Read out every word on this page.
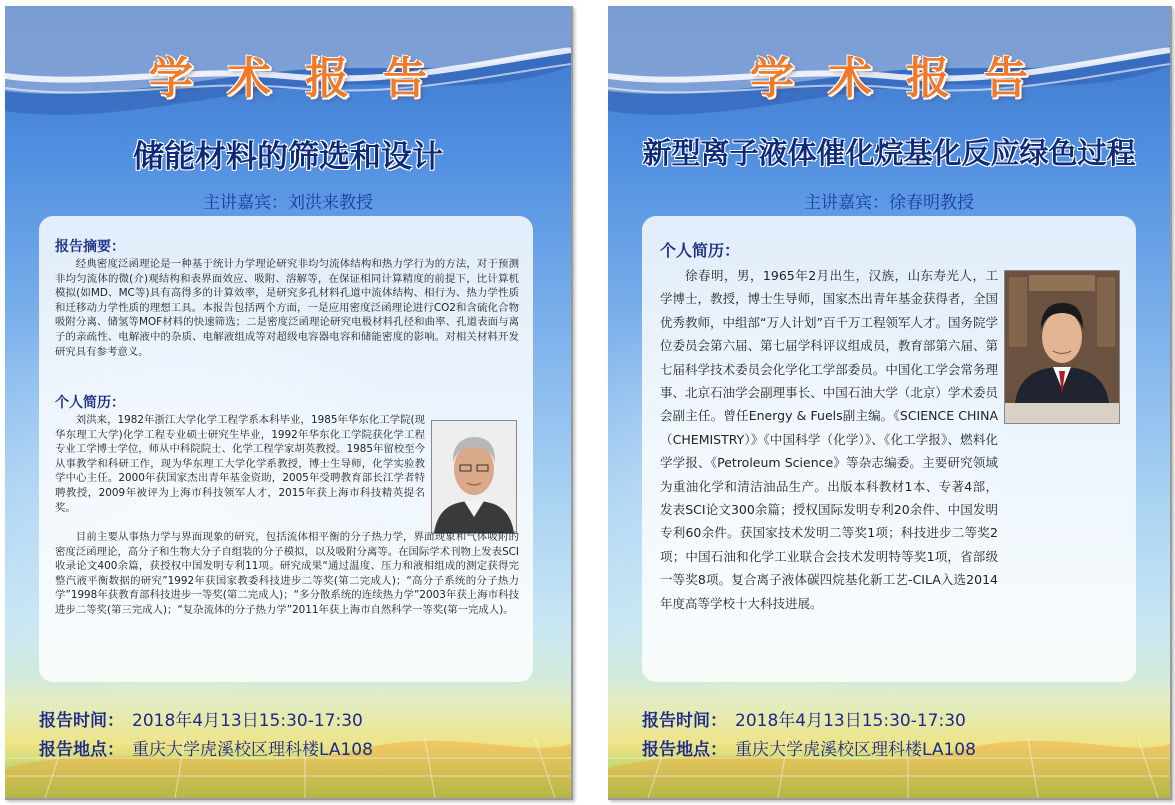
学术报告
储能材料的筛选和设计
主讲嘉宾：刘洪来教授
报告摘要：
经典密度泛函理论是一种基于统计力学理论研究非均匀流体结构和热力学行为的方法，对于预测非均匀流体的微(介)观结构和表界面效应、吸附、溶解等，在保证相同计算精度的前提下，比计算机模拟(如MD、MC等)具有高得多的计算效率，是研究多孔材料孔道中流体结构、相行为、热力学性质和迁移动力学性质的理想工具。本报告包括两个方面，一是应用密度泛函理论进行CO2和含硫化合物吸附分离、储氢等MOF材料的快速筛选；二是密度泛函理论研究电极材料孔径和曲率、孔道表面与离子的亲疏性、电解液中的杂质、电解液组成等对超级电容器电容和储能密度的影响。对相关材料开发研究具有参考意义。
个人简历：
刘洪来，1982年浙江大学化学工程学系本科毕业，1985年华东化工学院(现华东理工大学)化学工程专业硕士研究生毕业，1992年华东化工学院获化学工程专业工学博士学位，师从中科院院士、化学工程学家胡英教授。1985年留校至今从事教学和科研工作，现为华东理工大学化学系教授，博士生导师，化学实验教学中心主任。2000年获国家杰出青年基金资助，2005年受聘教育部长江学者特聘教授，2009年被评为上海市科技领军人才，2015年获上海市科技精英提名奖。
目前主要从事热力学与界面现象的研究，包括流体相平衡的分子热力学，界面现象和气体吸附的密度泛函理论，高分子和生物大分子自组装的分子模拟，以及吸附分离等。在国际学术刊物上发表SCI收录论文400余篇，获授权中国发明专利11项。研究成果“通过温度、压力和液相组成的测定获得完整汽液平衡数据的研究”1992年获国家教委科技进步二等奖(第二完成人)；“高分子系统的分子热力学”1998年获教育部科技进步一等奖(第二完成人)；“多分散系统的连续热力学”2003年获上海市科技进步二等奖(第三完成人)；“复杂流体的分子热力学”2011年获上海市自然科学一等奖(第一完成人)。
报告时间： 2018年4月13日15:30-17:30
报告地点： 重庆大学虎溪校区理科楼LA108
学术报告
新型离子液体催化烷基化反应绿色过程
主讲嘉宾：徐春明教授
个人简历：
徐春明，男，1965年2月出生，汉族，山东寿光人，工学博士，教授，博士生导师，国家杰出青年基金获得者，全国优秀教师，中组部“万人计划”百千万工程领军人才。国务院学位委员会第六届、第七届学科评议组成员，教育部第六届、第七届科学技术委员会化学化工学部委员。中国化工学会常务理事、北京石油学会副理事长、中国石油大学（北京）学术委员会副主任。曾任Energy & Fuels副主编。《SCIENCE CHINA（CHEMISTRY）》《中国科学（化学）》、《化工学报》、燃料化学学报、《Petroleum Science》等杂志编委。主要研究领域为重油化学和清洁油品生产。出版本科教材1本、专著4部，发表SCI论文300余篇；授权国际发明专利20余件、中国发明专利60余件。获国家技术发明二等奖1项；科技进步二等奖2项；中国石油和化学工业联合会技术发明特等奖1项，省部级一等奖8项。复合离子液体碳四烷基化新工艺-CILA入选2014年度高等学校十大科技进展。
报告时间： 2018年4月13日15:30-17:30
报告地点： 重庆大学虎溪校区理科楼LA108
